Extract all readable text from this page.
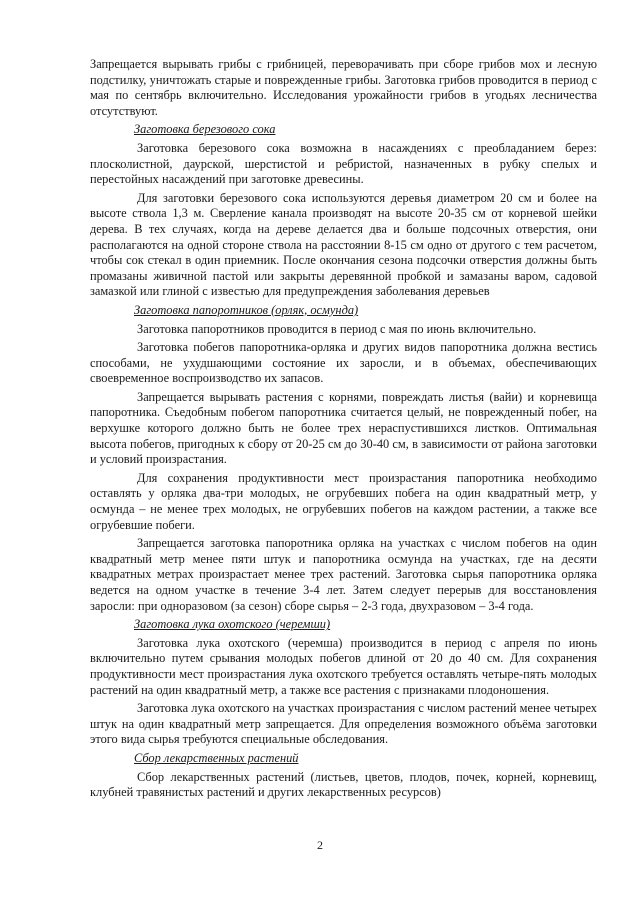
Запрещается вырывать грибы с грибницей, переворачивать при сборе грибов мох и лесную подстилку, уничтожать старые и поврежденные грибы. Заготовка грибов проводится в период с мая по сентябрь включительно. Исследования урожайности грибов в угодьях лесничества отсутствуют.

Заготовка березового сока

Заготовка березового сока возможна в насаждениях с преобладанием берез: плосколистной, даурской, шерстистой и ребристой, назначенных в рубку спелых и перестойных насаждений при заготовке древесины.

Для заготовки березового сока используются деревья диаметром 20 см и более на высоте ствола 1,3 м. Сверление канала производят на высоте 20-35 см от корневой шейки дерева. В тех случаях, когда на дереве делается два и больше подсочных отверстия, они располагаются на одной стороне ствола на расстоянии 8-15 см одно от другого с тем расчетом, чтобы сок стекал в один приемник. После окончания сезона подсочки отверстия должны быть промазаны живичной пастой или закрыты деревянной пробкой и замазаны варом, садовой замазкой или глиной с известью для предупреждения заболевания деревьев

Заготовка папоротников (орляк, осмунда)

Заготовка папоротников проводится в период с мая по июнь включительно.

Заготовка побегов папоротника-орляка и других видов папоротника должна вестись способами, не ухудшающими состояние их заросли, и в объемах, обеспечивающих своевременное воспроизводство их запасов.

Запрещается вырывать растения с корнями, повреждать листья (вайи) и корневища папоротника. Съедобным побегом папоротника считается целый, не поврежденный побег, на верхушке которого должно быть не более трех нераспустившихся листков. Оптимальная высота побегов, пригодных к сбору от 20-25 см до 30-40 см, в зависимости от района заготовки и условий произрастания.

Для сохранения продуктивности мест произрастания папоротника необходимо оставлять у орляка два-три молодых, не огрубевших побега на один квадратный метр, у осмунда – не менее трех молодых, не огрубевших побегов на каждом растении, а также все огрубевшие побеги.

Запрещается заготовка папоротника орляка на участках с числом побегов на один квадратный метр менее пяти штук и папоротника осмунда на участках, где на десяти квадратных метрах произрастает менее трех растений. Заготовка сырья папоротника орляка ведется на одном участке в течение 3-4 лет. Затем следует перерыв для восстановления заросли: при одноразовом (за сезон) сборе сырья – 2-3 года, двухразовом – 3-4 года.

Заготовка лука охотского (черемши)

Заготовка лука охотского (черемша) производится в период с апреля по июнь включительно путем срывания молодых побегов длиной от 20 до 40 см. Для сохранения продуктивности мест произрастания лука охотского требуется оставлять четыре-пять молодых растений на один квадратный метр, а также все растения с признаками плодоношения.

Заготовка лука охотского на участках произрастания с числом растений менее четырех штук на один квадратный метр запрещается. Для определения возможного объёма заготовки этого вида сырья требуются специальные обследования.

Сбор лекарственных растений

Сбор лекарственных растений (листьев, цветов, плодов, почек, корней, корневищ, клубней травянистых растений и других лекарственных ресурсов)

2
